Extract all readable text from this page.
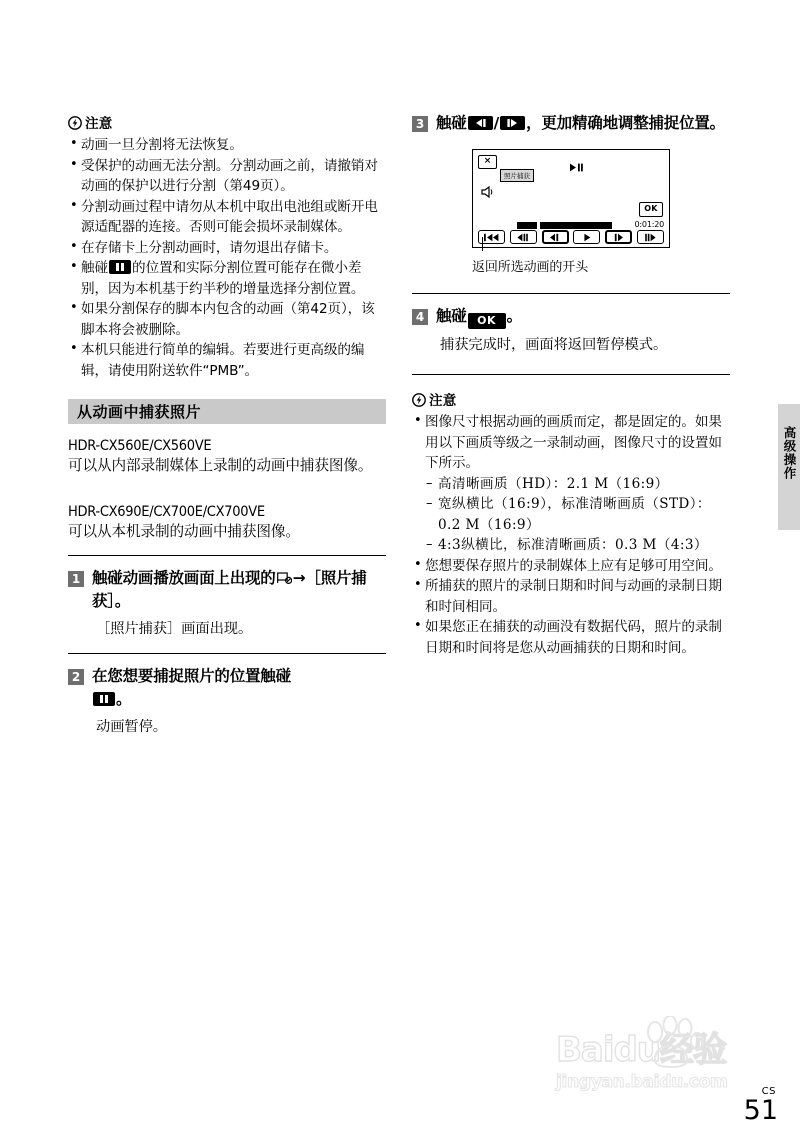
注意
• 动画一旦分割将无法恢复。
• 受保护的动画无法分割。分割动画之前，请撤销对动画的保护以进行分割（第49页）。
• 分割动画过程中请勿从本机中取出电池组或断开电源适配器的连接。否则可能会损坏录制媒体。
• 在存储卡上分割动画时，请勿退出存储卡。
• 触碰 的位置和实际分割位置可能存在微小差别，因为本机基于约半秒的增量选择分割位置。
• 如果分割保存的脚本内包含的动画（第42页），该脚本将会被删除。
• 本机只能进行简单的编辑。若要进行更高级的编辑，请使用附送软件“PMB”。
从动画中捕获照片
HDR-CX560E/CX560VE
可以从内部录制媒体上录制的动画中捕获图像。
HDR-CX690E/CX700E/CX700VE
可以从本机录制的动画中捕获图像。
1 触碰动画播放画面上出现的 →［照片捕获］。
［照片捕获］画面出现。
2 在您想要捕捉照片的位置触碰
。
动画暂停。
3 触碰 / ，更加精确地调整捕捉位置。
×
照片捕获
OK
0:01:20
返回所选动画的开头
4 触碰 OK 。
捕获完成时，画面将返回暂停模式。
注意
• 图像尺寸根据动画的画质而定，都是固定的。如果用以下画质等级之一录制动画，图像尺寸的设置如下所示。
– 高清晰画质（HD）：2.1 M（16:9）
– 宽纵横比（16:9），标准清晰画质（STD）：0.2 M（16:9）
– 4:3纵横比，标准清晰画质：0.3 M（4:3）
• 您想要保存照片的录制媒体上应有足够可用空间。
• 所捕获的照片的录制日期和时间与动画的录制日期和时间相同。
• 如果您正在捕获的动画没有数据代码，照片的录制日期和时间将是您从动画捕获的日期和时间。
高级操作
Baidu经验
jingyan.baidu.com	CS
51
